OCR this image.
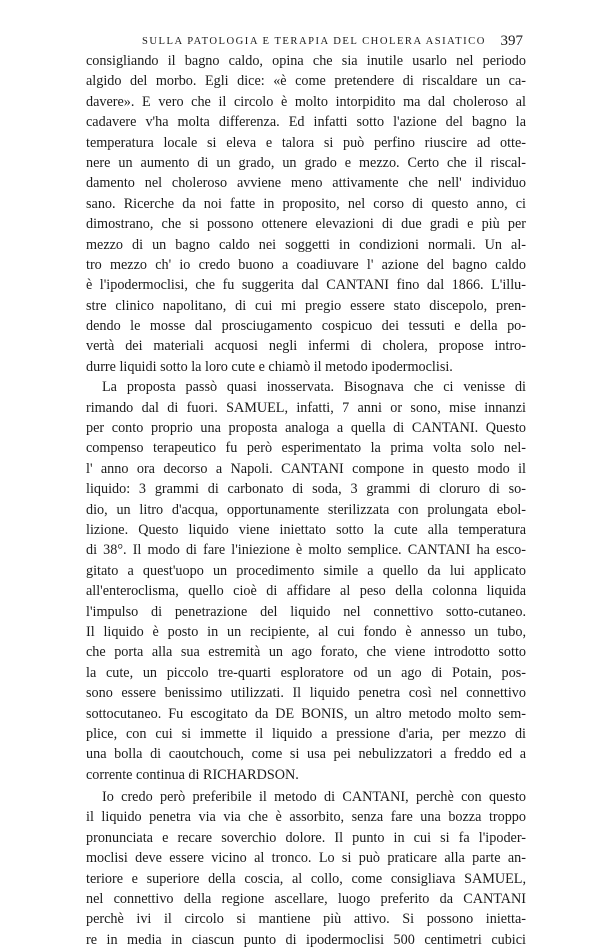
SULLA PATOLOGIA E TERAPIA DEL CHOLERA ASIATICO 397
consigliando il bagno caldo, opina che sia inutile usarlo nel periodo
algido del morbo. Egli dice: «è come pretendere di riscaldare un ca-
davere». E vero che il circolo è molto intorpidito ma dal choleroso al
cadavere v'ha molta differenza. Ed infatti sotto l'azione del bagno la
temperatura locale si eleva e talora si può perfino riuscire ad otte-
nere un aumento di un grado, un grado e mezzo. Certo che il riscal-
damento nel choleroso avviene meno attivamente che nell' individuo
sano. Ricerche da noi fatte in proposito, nel corso di questo anno, ci
dimostrano, che si possono ottenere elevazioni di due gradi e più per
mezzo di un bagno caldo nei soggetti in condizioni normali. Un al-
tro mezzo ch' io credo buono a coadiuvare l' azione del bagno caldo
è l'ipodermoclisi, che fu suggerita dal CANTANI fino dal 1866. L'illu-
stre clinico napolitano, di cui mi pregio essere stato discepolo, pren-
dendo le mosse dal prosciugamento cospicuo dei tessuti e della po-
vertà dei materiali acquosi negli infermi di cholera, propose intro-
durre liquidi sotto la loro cute e chiamò il metodo ipodermoclisi.
La proposta passò quasi inosservata. Bisognava che ci venisse di
rimando dal di fuori. SAMUEL, infatti, 7 anni or sono, mise innanzi
per conto proprio una proposta analoga a quella di CANTANI. Questo
compenso terapeutico fu però esperimentato la prima volta solo nel-
l' anno ora decorso a Napoli. CANTANI compone in questo modo il
liquido: 3 grammi di carbonato di soda, 3 grammi di cloruro di so-
dio, un litro d'acqua, opportunamente sterilizzata con prolungata ebol-
lizione. Questo liquido viene iniettato sotto la cute alla temperatura
di 38°. Il modo di fare l'iniezione è molto semplice. CANTANI ha esco-
gitato a quest'uopo un procedimento simile a quello da lui applicato
all'enteroclisma, quello cioè di affidare al peso della colonna liquida
l'impulso di penetrazione del liquido nel connettivo sotto-cutaneo.
Il liquido è posto in un recipiente, al cui fondo è annesso un tubo,
che porta alla sua estremità un ago forato, che viene introdotto sotto
la cute, un piccolo tre-quarti esploratore od un ago di Potain, pos-
sono essere benissimo utilizzati. Il liquido penetra così nel connettivo
sottocutaneo. Fu escogitato da DE BONIS, un altro metodo molto sem-
plice, con cui si immette il liquido a pressione d'aria, per mezzo di
una bolla di caoutchouch, come si usa pei nebulizzatori a freddo ed a
corrente continua di RICHARDSON.
Io credo però preferibile il metodo di CANTANI, perchè con questo
il liquido penetra via via che è assorbito, senza fare una bozza troppo
pronunciata e recare soverchio dolore. Il punto in cui si fa l'ipoder-
moclisi deve essere vicino al tronco. Lo si può praticare alla parte an-
teriore e superiore della coscia, al collo, come consigliava SAMUEL,
nel connettivo della regione ascellare, luogo preferito da CANTANI
perchè ivi il circolo si mantiene più attivo. Si possono inietta-
re in media in ciascun punto di ipodermoclisi 500 centimetri cubici
